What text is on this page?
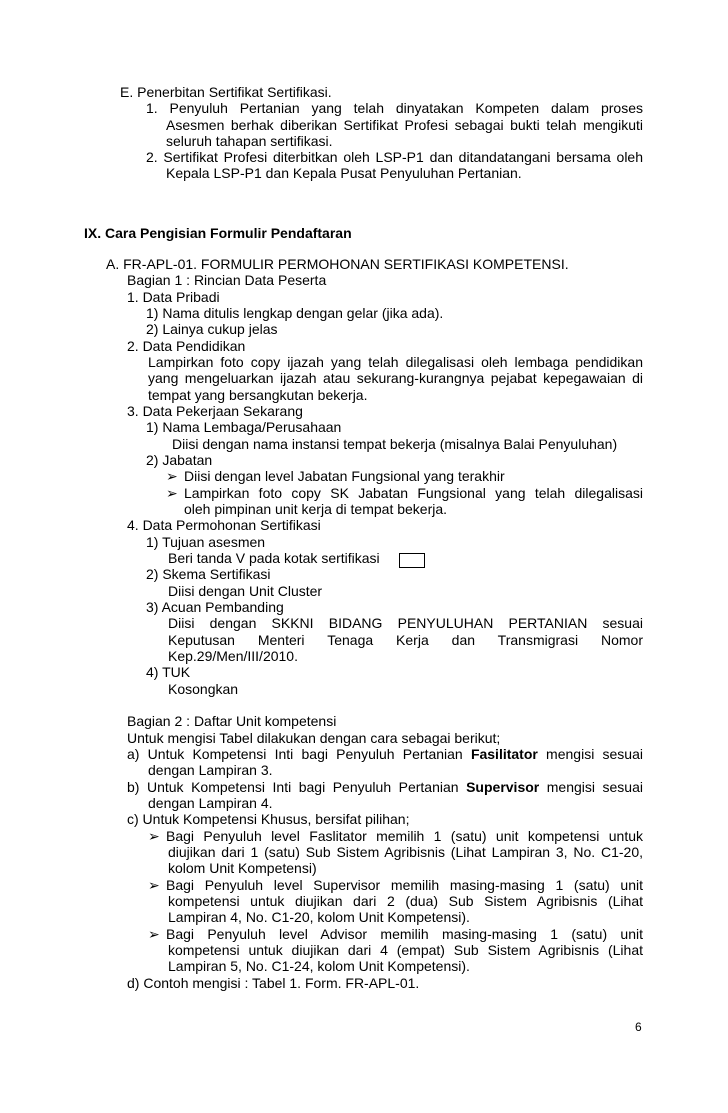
E. Penerbitan Sertifikat Sertifikasi.
1. Penyuluh Pertanian yang telah dinyatakan Kompeten dalam proses
Asesmen berhak diberikan Sertifikat Profesi sebagai bukti telah mengikuti
seluruh tahapan sertifikasi.
2. Sertifikat Profesi diterbitkan oleh LSP-P1 dan ditandatangani bersama oleh
Kepala LSP-P1 dan Kepala Pusat Penyuluhan Pertanian.
IX. Cara Pengisian Formulir Pendaftaran
A. FR-APL-01. FORMULIR PERMOHONAN SERTIFIKASI KOMPETENSI.
Bagian 1 : Rincian Data Peserta
1. Data Pribadi
1) Nama ditulis lengkap dengan gelar (jika ada).
2) Lainya cukup jelas
2. Data Pendidikan
Lampirkan foto copy ijazah yang telah dilegalisasi oleh lembaga pendidikan
yang mengeluarkan ijazah atau sekurang-kurangnya pejabat kepegawaian di
tempat yang bersangkutan bekerja.
3. Data Pekerjaan Sekarang
1) Nama Lembaga/Perusahaan
Diisi dengan nama instansi tempat bekerja (misalnya Balai Penyuluhan)
2) Jabatan
➢ Diisi dengan level Jabatan Fungsional yang terakhir
➢ Lampirkan foto copy SK Jabatan Fungsional yang telah dilegalisasi
oleh pimpinan unit kerja di tempat bekerja.
4. Data Permohonan Sertifikasi
1) Tujuan asesmen
Beri tanda V pada kotak sertifikasi
2) Skema Sertifikasi
Diisi dengan Unit Cluster
3) Acuan Pembanding
Diisi dengan SKKNI BIDANG PENYULUHAN PERTANIAN sesuai
Keputusan Menteri Tenaga Kerja dan Transmigrasi Nomor
Kep.29/Men/III/2010.
4) TUK
Kosongkan
Bagian 2 : Daftar Unit kompetensi
Untuk mengisi Tabel dilakukan dengan cara sebagai berikut;
a) Untuk Kompetensi Inti bagi Penyuluh Pertanian Fasilitator mengisi sesuai
dengan Lampiran 3.
b) Untuk Kompetensi Inti bagi Penyuluh Pertanian Supervisor mengisi sesuai
dengan Lampiran 4.
c) Untuk Kompetensi Khusus, bersifat pilihan;
➢ Bagi Penyuluh level Faslitator memilih 1 (satu) unit kompetensi untuk
diujikan dari 1 (satu) Sub Sistem Agribisnis (Lihat Lampiran 3, No. C1-20,
kolom Unit Kompetensi)
➢ Bagi Penyuluh level Supervisor memilih masing-masing 1 (satu) unit
kompetensi untuk diujikan dari 2 (dua) Sub Sistem Agribisnis (Lihat
Lampiran 4, No. C1-20, kolom Unit Kompetensi).
➢ Bagi Penyuluh level Advisor memilih masing-masing 1 (satu) unit
kompetensi untuk diujikan dari 4 (empat) Sub Sistem Agribisnis (Lihat
Lampiran 5, No. C1-24, kolom Unit Kompetensi).
d) Contoh mengisi : Tabel 1. Form. FR-APL-01.
6
